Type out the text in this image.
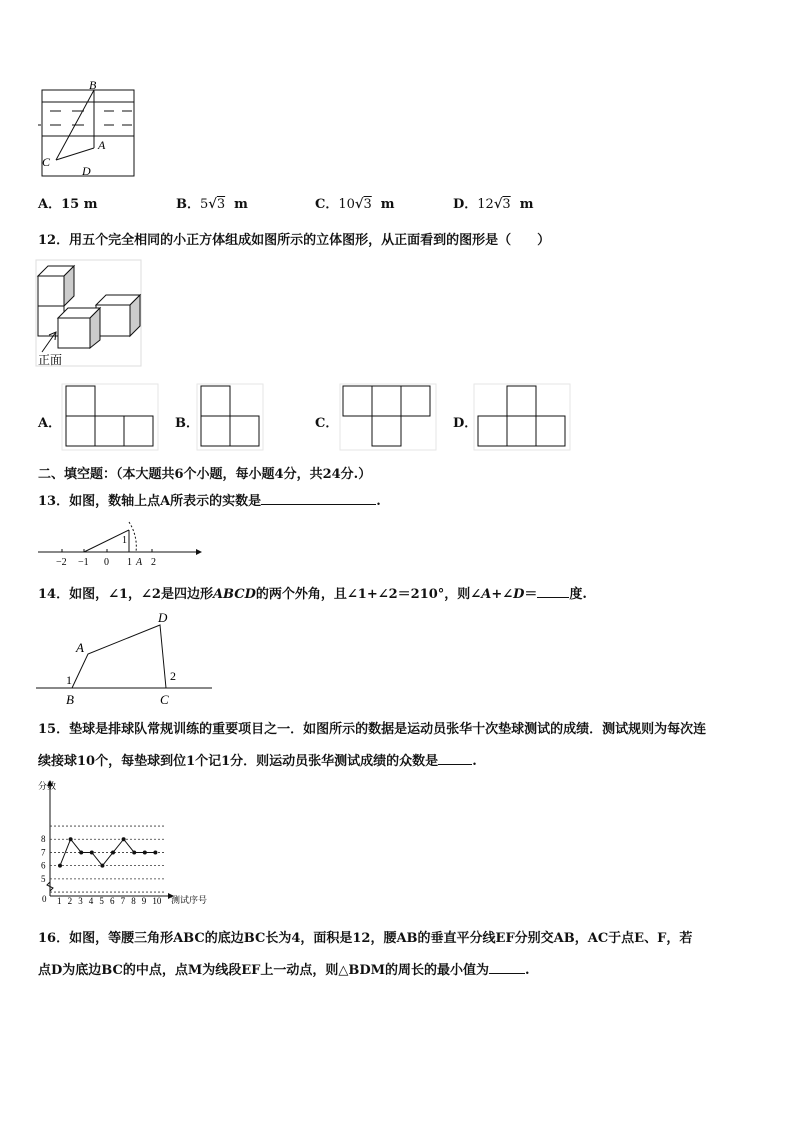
B
A
C
D
A．15 m	B．5√3 m	C．10√3 m	D．12√3 m
12．用五个完全相同的小正方体组成如图所示的立体图形，从正面看到的图形是（　　）
正面
A．	B．	C．	D．
二、填空题：（本大题共6个小题，每小题4分，共24分.）
13．如图，数轴上点A所表示的实数是	.
1
−2 −1 0 1 A 2
14．如图，∠1，∠2是四边形ABCD的两个外角，且∠1+∠2＝210°，则∠A+∠D＝ 度.
A
D
B	C
1	2
15．垫球是排球队常规训练的重要项目之一．如图所示的数据是运动员张华十次垫球测试的成绩．测试规则为每次连
续接球10个，每垫球到位1个记1分．则运动员张华测试成绩的众数是	.
分数
测试序号
0
5
6
7
8
1 2 3 4 5 6 7 8 9 10
16．如图，等腰三角形ABC的底边BC长为4，面积是12，腰AB的垂直平分线EF分别交AB，AC于点E、F，若
点D为底边BC的中点，点M为线段EF上一动点，则△BDM的周长的最小值为	.
